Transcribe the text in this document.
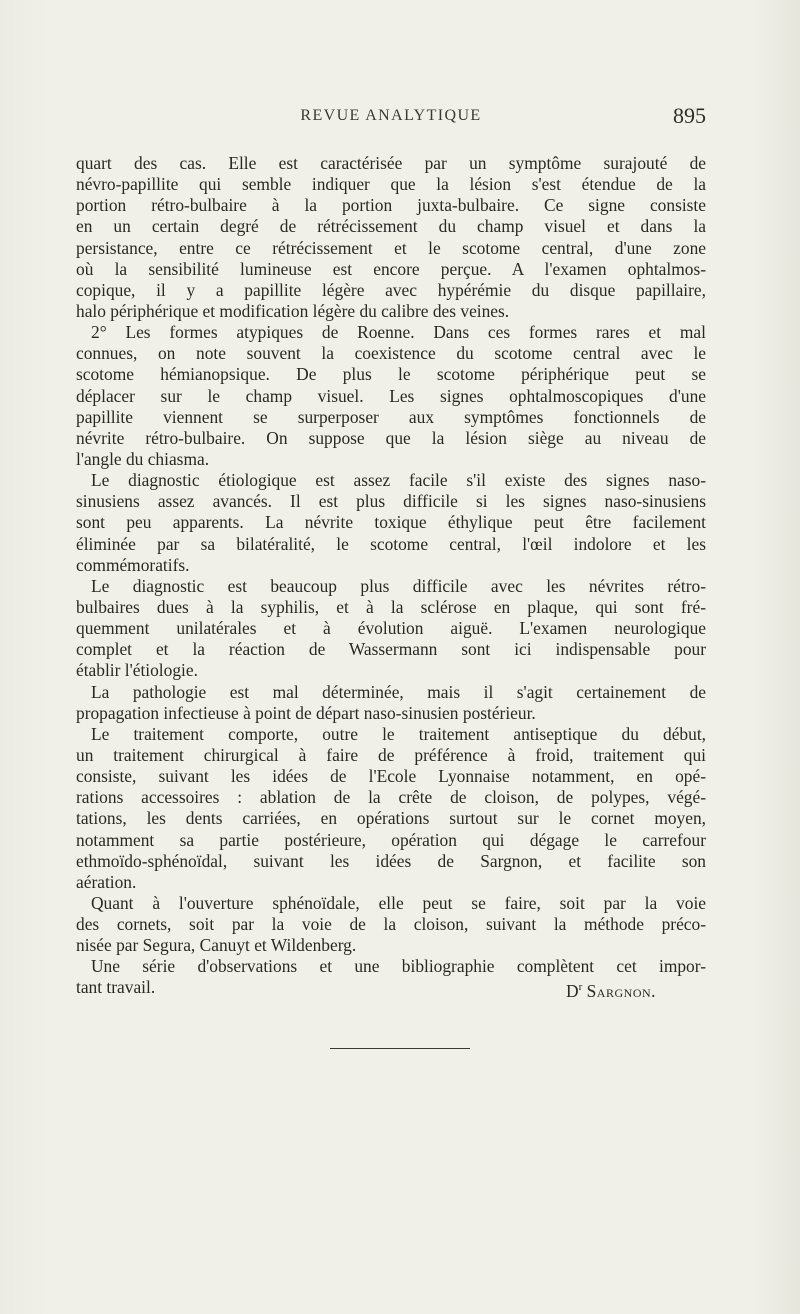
REVUE ANALYTIQUE	895
quart des cas. Elle est caractérisée par un symptôme surajouté de
névro-papillite qui semble indiquer que la lésion s'est étendue de la
portion rétro-bulbaire à la portion juxta-bulbaire. Ce signe consiste
en un certain degré de rétrécissement du champ visuel et dans la
persistance, entre ce rétrécissement et le scotome central, d'une zone
où la sensibilité lumineuse est encore perçue. A l'examen ophtalmos-
copique, il y a papillite légère avec hypérémie du disque papillaire,
halo périphérique et modification légère du calibre des veines.
2° Les formes atypiques de Roenne. Dans ces formes rares et mal
connues, on note souvent la coexistence du scotome central avec le
scotome hémianopsique. De plus le scotome périphérique peut se
déplacer sur le champ visuel. Les signes ophtalmoscopiques d'une
papillite viennent se surperposer aux symptômes fonctionnels de
névrite rétro-bulbaire. On suppose que la lésion siège au niveau de
l'angle du chiasma.
Le diagnostic étiologique est assez facile s'il existe des signes naso-
sinusiens assez avancés. Il est plus difficile si les signes naso-sinusiens
sont peu apparents. La névrite toxique éthylique peut être facilement
éliminée par sa bilatéralité, le scotome central, l'œil indolore et les
commémoratifs.
Le diagnostic est beaucoup plus difficile avec les névrites rétro-
bulbaires dues à la syphilis, et à la sclérose en plaque, qui sont fré-
quemment unilatérales et à évolution aiguë. L'examen neurologique
complet et la réaction de Wassermann sont ici indispensable pour
établir l'étiologie.
La pathologie est mal déterminée, mais il s'agit certainement de
propagation infectieuse à point de départ naso-sinusien postérieur.
Le traitement comporte, outre le traitement antiseptique du début,
un traitement chirurgical à faire de préférence à froid, traitement qui
consiste, suivant les idées de l'Ecole Lyonnaise notamment, en opé-
rations accessoires : ablation de la crête de cloison, de polypes, végé-
tations, les dents carriées, en opérations surtout sur le cornet moyen,
notamment sa partie postérieure, opération qui dégage le carrefour
ethmoïdo-sphénoïdal, suivant les idées de Sargnon, et facilite son
aération.
Quant à l'ouverture sphénoïdale, elle peut se faire, soit par la voie
des cornets, soit par la voie de la cloison, suivant la méthode préco-
nisée par Segura, Canuyt et Wildenberg.
Une série d'observations et une bibliographie complètent cet impor-
tant travail.	$D^r$ Sargnon.
